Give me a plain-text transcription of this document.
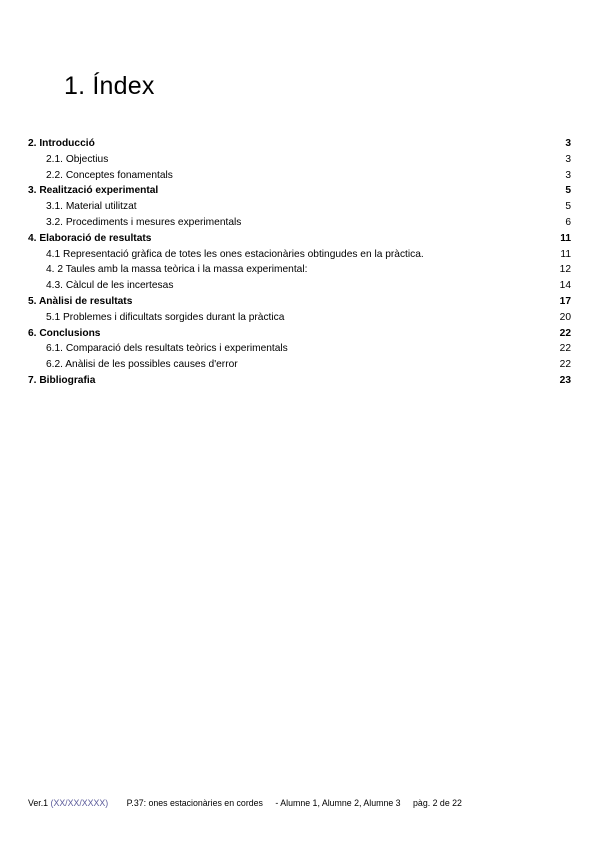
1. Índex
2. Introducció	3
2.1. Objectius	3
2.2. Conceptes fonamentals	3
3. Realització experimental	5
3.1. Material utilitzat	5
3.2. Procediments i mesures experimentals	6
4. Elaboració de resultats	11
4.1 Representació gràfica de totes les ones estacionàries obtingudes en la pràctica.	11
4. 2 Taules amb la massa teòrica i la massa experimental:	12
4.3. Càlcul de les incertesas	14
5. Anàlisi de resultats	17
5.1 Problemes i dificultats sorgides durant la pràctica	20
6. Conclusions	22
6.1. Comparació dels resultats teòrics i experimentals	22
6.2. Anàlisi de les possibles causes d'error	22
7. Bibliografia	23
Ver.1 (XX/XX/XXXX) P.37: ones estacionàries en cordes - Alumne 1, Alumne 2, Alumne 3 pàg. 2 de 22
